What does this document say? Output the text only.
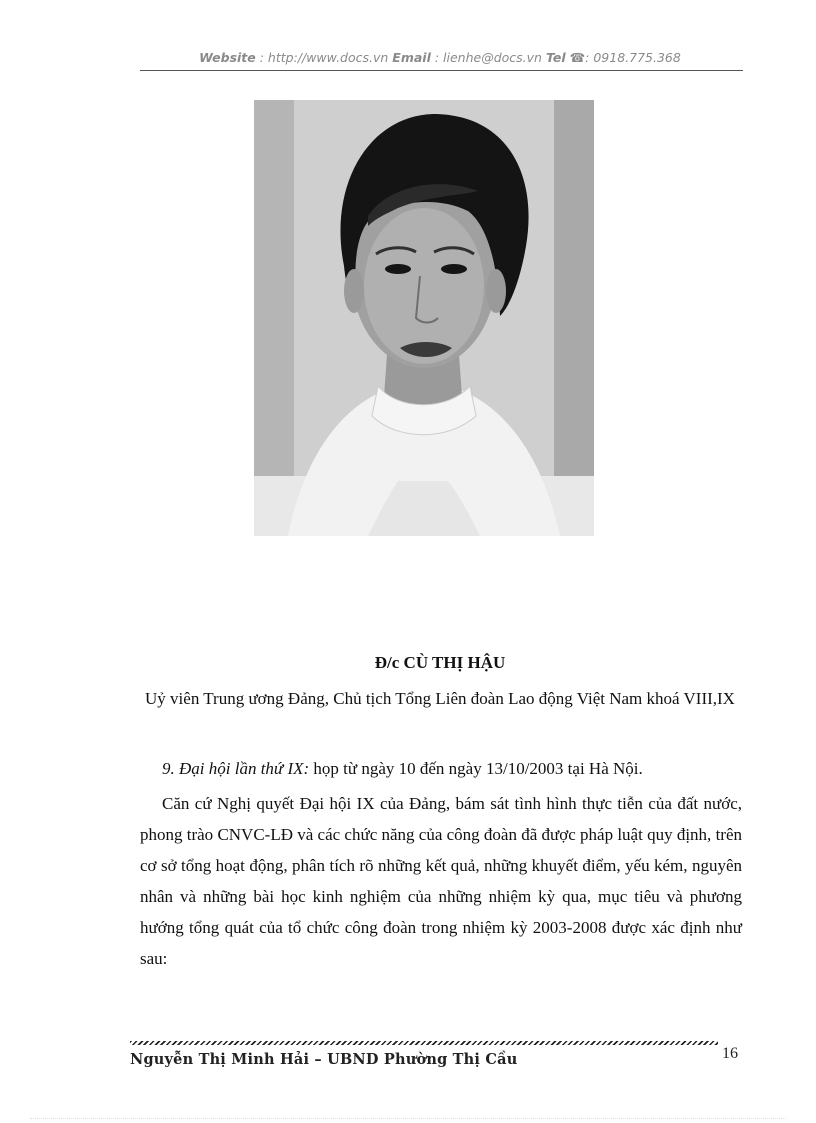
Website : http://www.docs.vn Email : lienhe@docs.vn Tel ☎: 0918.775.368
Đ/c CÙ THỊ HẬU
Uỷ viên Trung ương Đảng, Chủ tịch Tổng Liên đoàn Lao động Việt Nam khoá VIII,IX
9. Đại hội lần thứ IX: họp từ ngày 10 đến ngày 13/10/2003 tại Hà Nội.
Căn cứ Nghị quyết Đại hội IX của Đảng, bám sát tình hình thực tiễn của đất nước, phong trào CNVC-LĐ và các chức năng của công đoàn đã được pháp luật quy định, trên cơ sở tổng hoạt động, phân tích rõ những kết quả, những khuyết điểm, yếu kém, nguyên nhân và những bài học kinh nghiệm của những nhiệm kỳ qua, mục tiêu và phương hướng tổng quát của tổ chức công đoàn trong nhiệm kỳ 2003-2008 được xác định như sau:
Nguyễn Thị Minh Hải – UBND Phường Thị Cầu	16
